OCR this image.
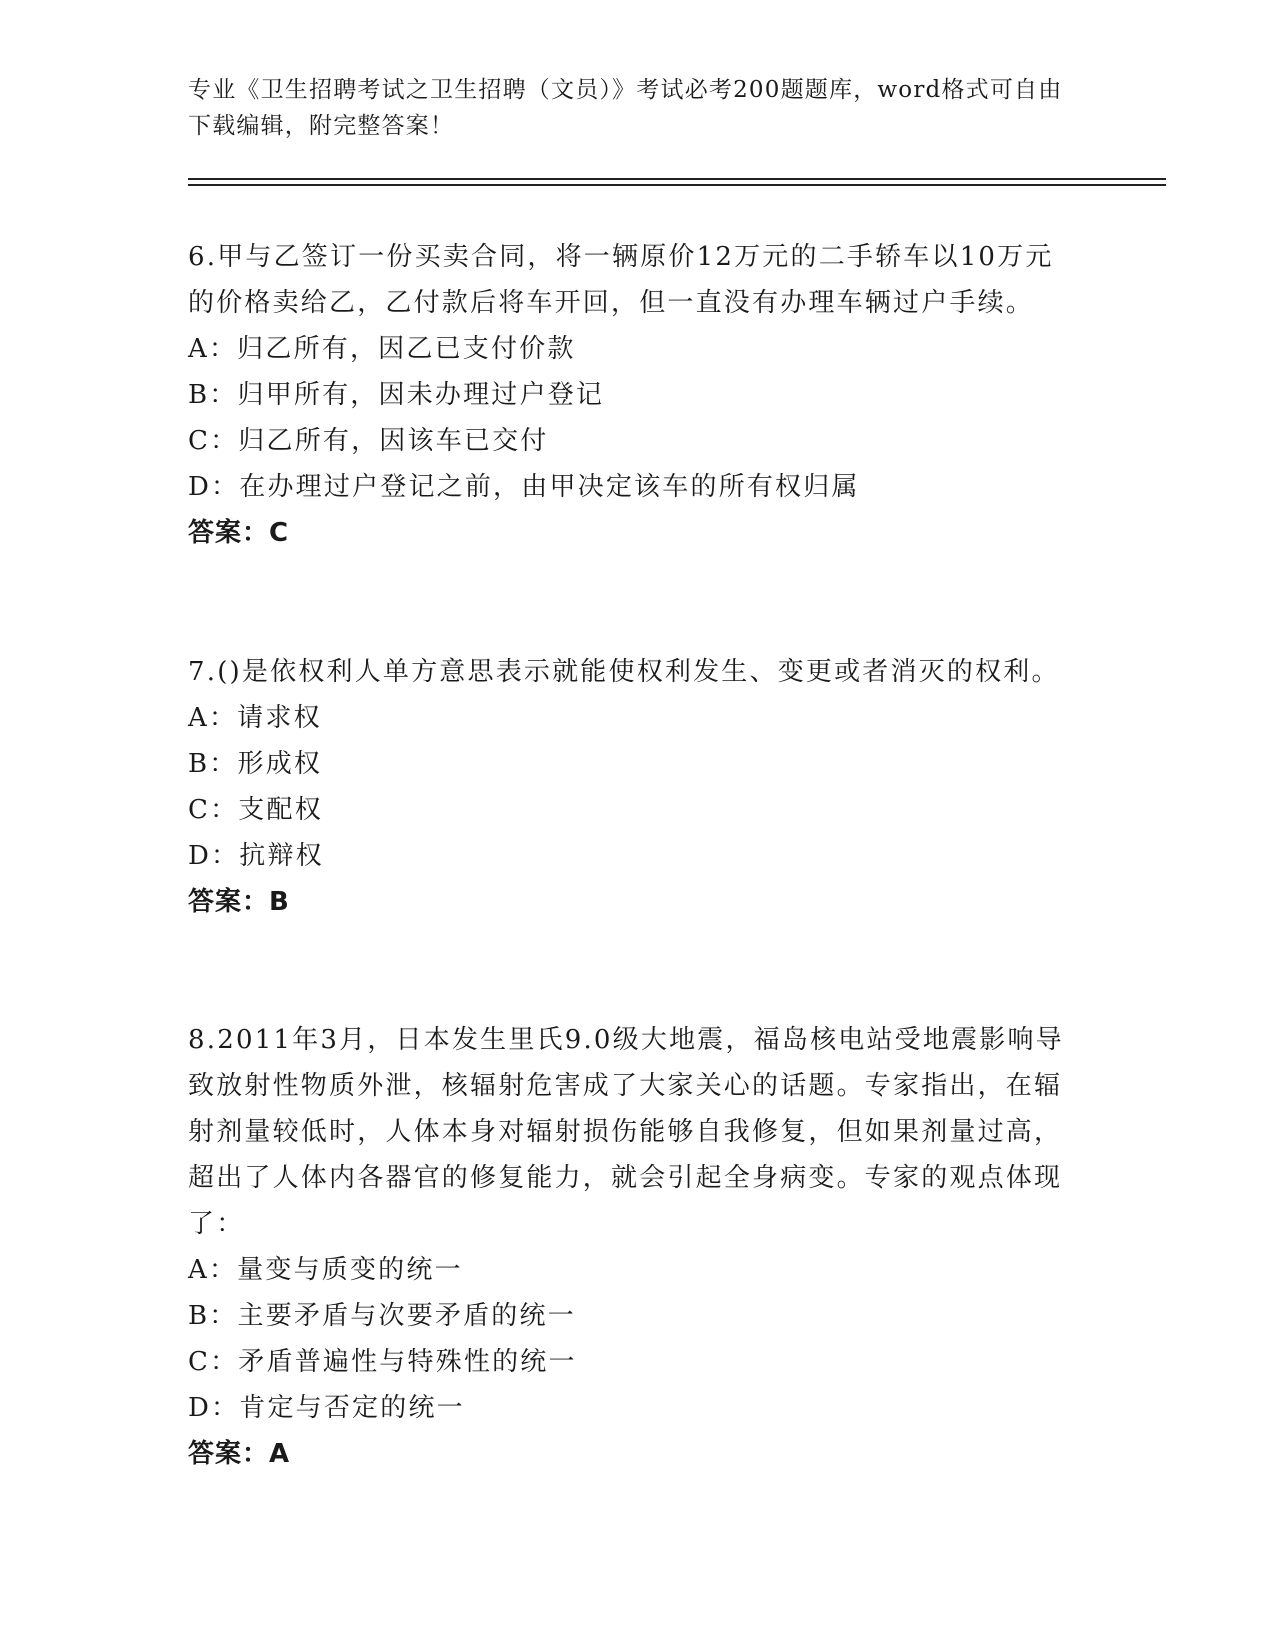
专业《卫生招聘考试之卫生招聘（文员）》考试必考200题题库，word格式可自由下载编辑，附完整答案！
6.甲与乙签订一份买卖合同，将一辆原价12万元的二手轿车以10万元的价格卖给乙，乙付款后将车开回，但一直没有办理车辆过户手续。
A：归乙所有，因乙已支付价款
B：归甲所有，因未办理过户登记
C：归乙所有，因该车已交付
D：在办理过户登记之前，由甲决定该车的所有权归属
答案：C
7.()是依权利人单方意思表示就能使权利发生、变更或者消灭的权利。
A：请求权
B：形成权
C：支配权
D：抗辩权
答案：B
8.2011年3月，日本发生里氏9.0级大地震，福岛核电站受地震影响导致放射性物质外泄，核辐射危害成了大家关心的话题。专家指出，在辐射剂量较低时，人体本身对辐射损伤能够自我修复，但如果剂量过高，超出了人体内各器官的修复能力，就会引起全身病变。专家的观点体现了：
A：量变与质变的统一
B：主要矛盾与次要矛盾的统一
C：矛盾普遍性与特殊性的统一
D：肯定与否定的统一
答案：A
